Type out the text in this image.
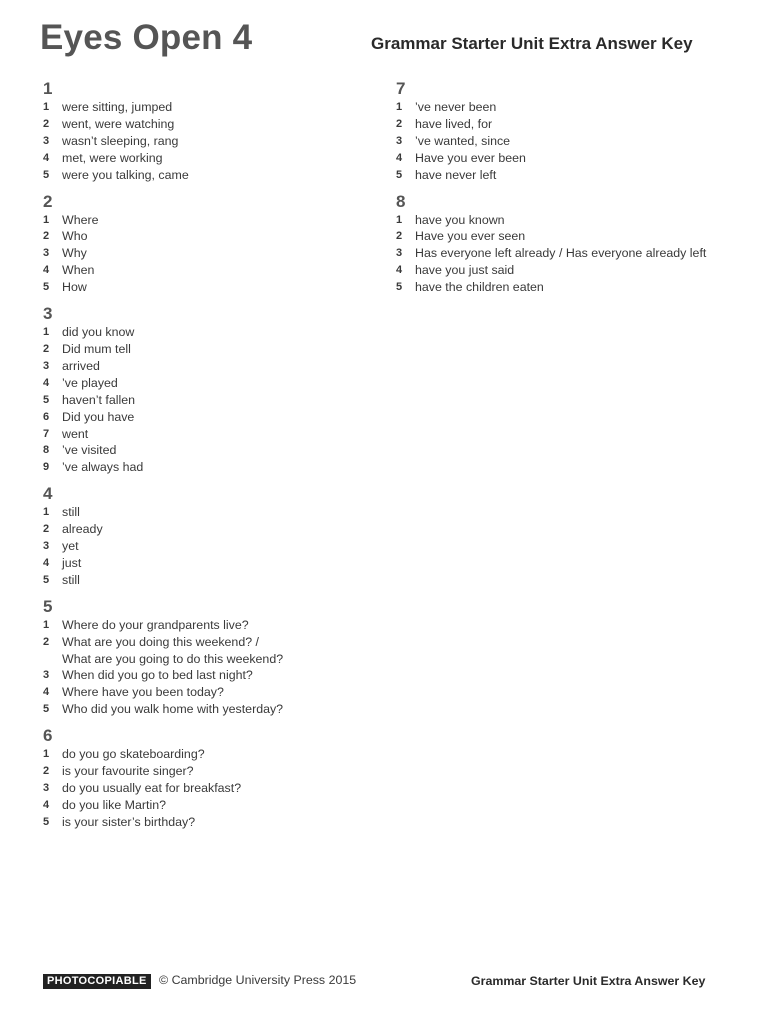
Eyes Open 4	Grammar Starter Unit Extra Answer Key
1
1	were sitting, jumped
2	went, were watching
3	wasn’t sleeping, rang
4	met, were working
5	were you talking, came
2
1	Where
2	Who
3	Why
4	When
5	How
3
1	did you know
2	Did mum tell
3	arrived
4	’ve played
5	haven’t fallen
6	Did you have
7	went
8	’ve visited
9	’ve always had
4
1	still
2	already
3	yet
4	just
5	still
5
1	Where do your grandparents live?
2	What are you doing this weekend? /
What are you going to do this weekend?
3	When did you go to bed last night?
4	Where have you been today?
5	Who did you walk home with yesterday?
6
1	do you go skateboarding?
2	is your favourite singer?
3	do you usually eat for breakfast?
4	do you like Martin?
5	is your sister’s birthday?
7
1	’ve never been
2	have lived, for
3	’ve wanted, since
4	Have you ever been
5	have never left
8
1	have you known
2	Have you ever seen
3	Has everyone left already / Has everyone already left
4	have you just said
5	have the children eaten
PHOTOCOPIABLE © Cambridge University Press 2015	Grammar Starter Unit Extra Answer Key
